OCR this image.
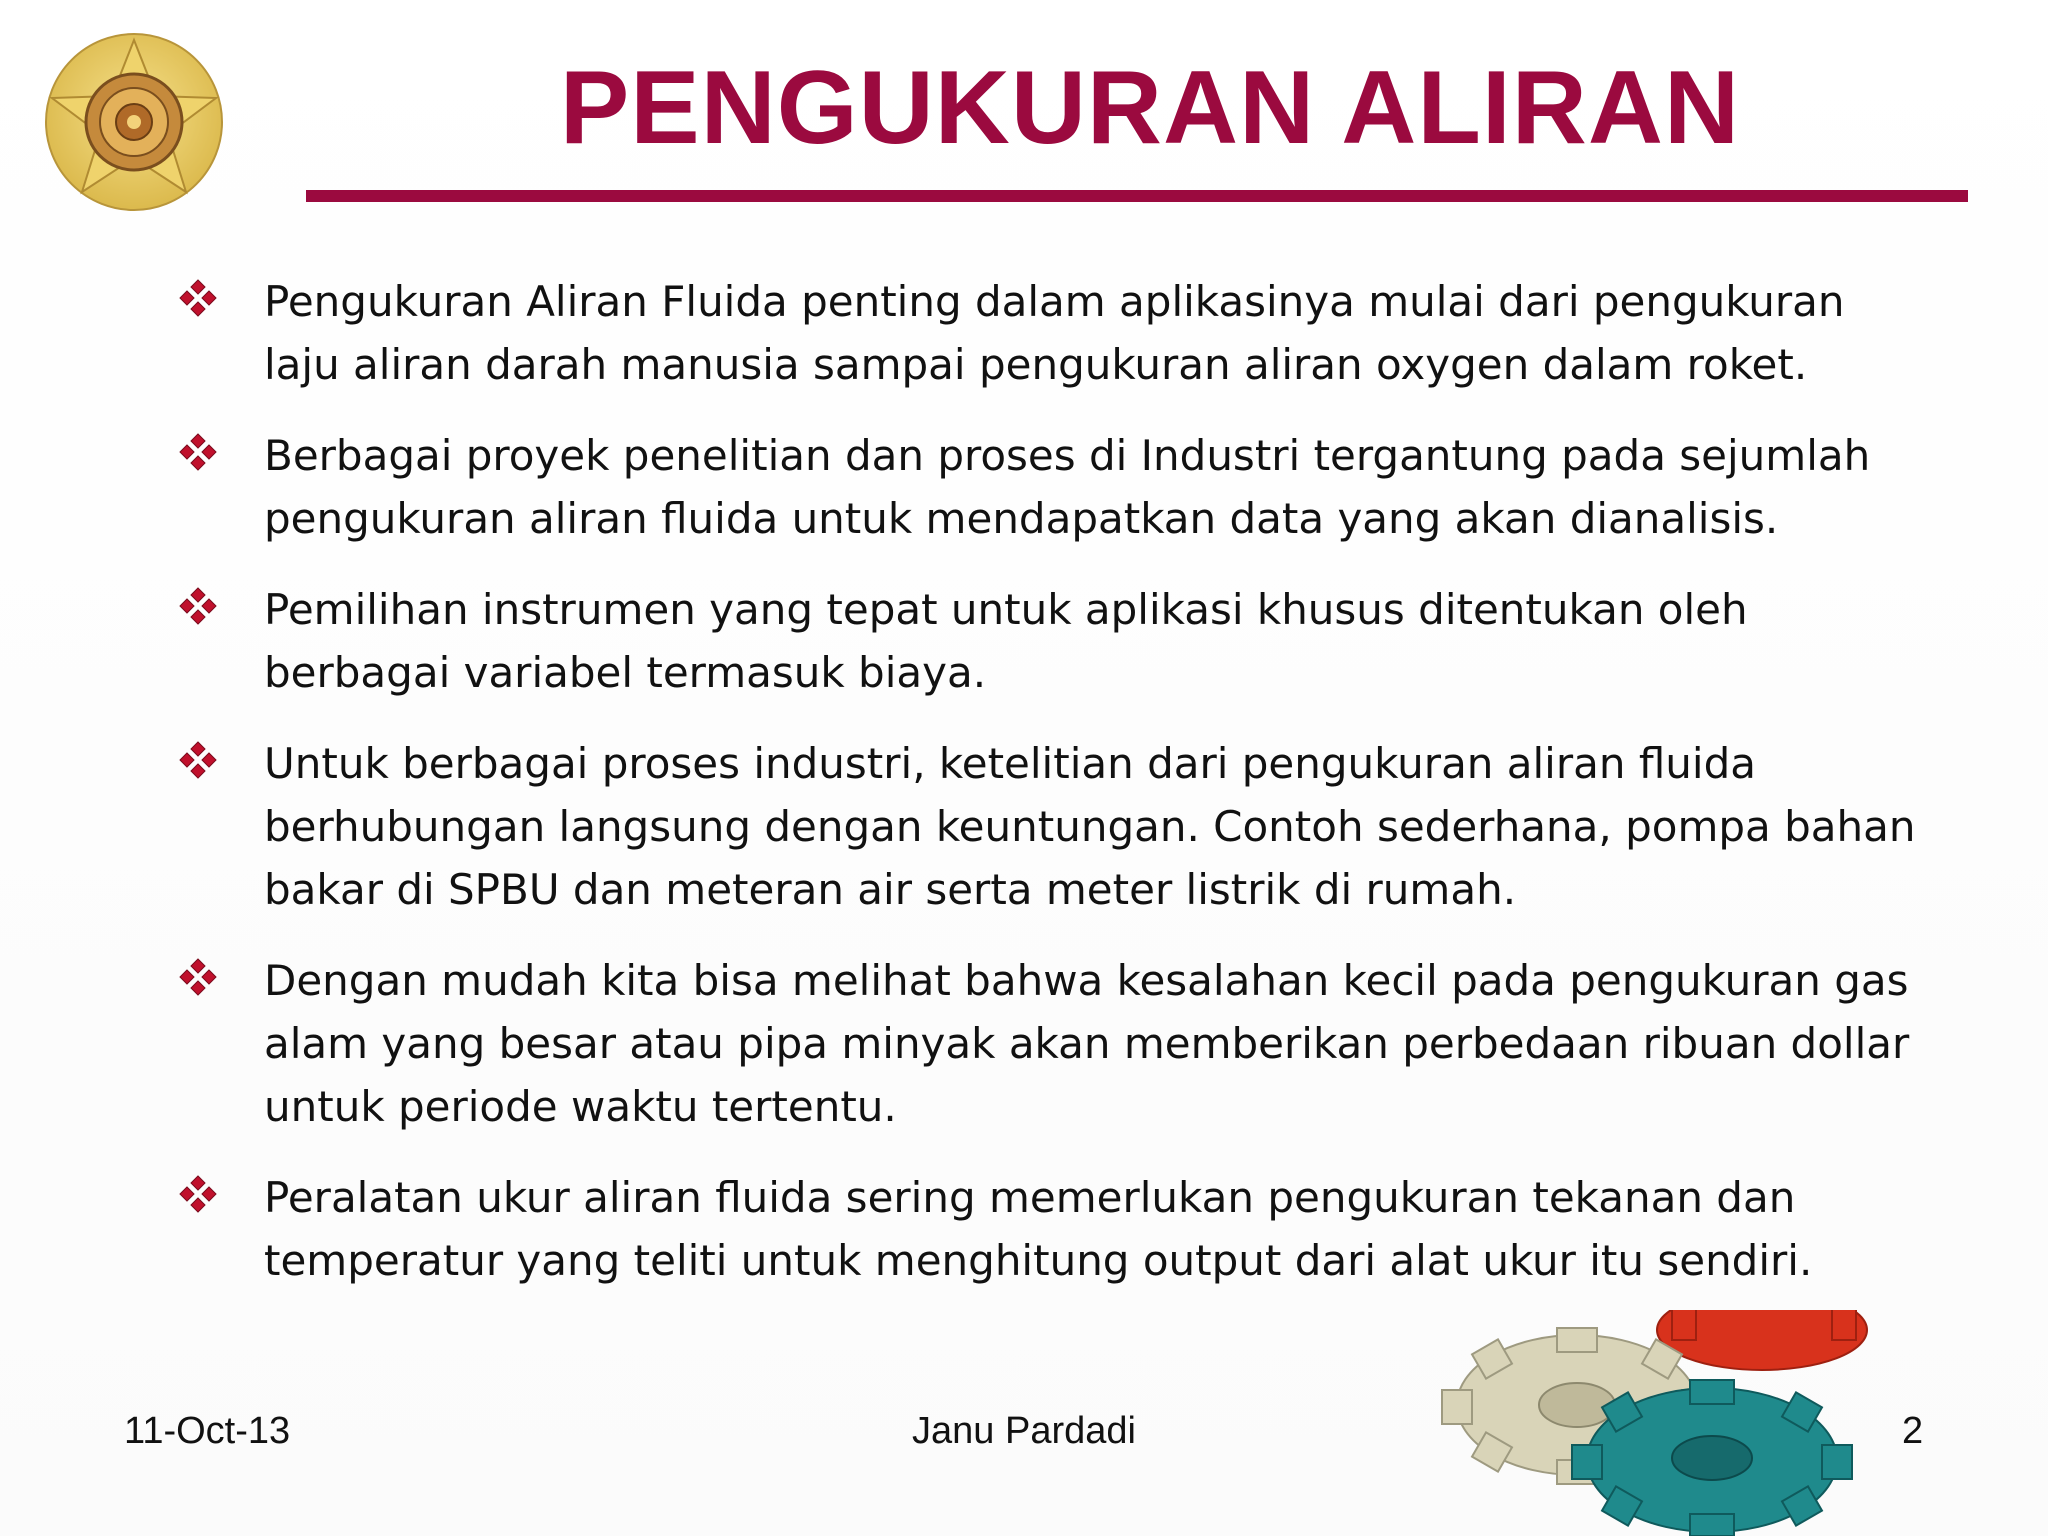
PENGUKURAN ALIRAN
Pengukuran Aliran Fluida penting dalam aplikasinya mulai dari pengukuran laju aliran darah manusia sampai pengukuran aliran oxygen dalam roket.
Berbagai proyek penelitian dan proses di Industri tergantung pada sejumlah pengukuran aliran fluida untuk mendapatkan data yang akan dianalisis.
Pemilihan instrumen yang tepat untuk aplikasi khusus ditentukan oleh berbagai variabel termasuk biaya.
Untuk berbagai proses industri, ketelitian dari pengukuran aliran fluida berhubungan langsung dengan keuntungan. Contoh sederhana, pompa bahan bakar di SPBU dan meteran air serta meter listrik di rumah.
Dengan mudah kita bisa melihat bahwa kesalahan kecil pada pengukuran gas alam yang besar atau pipa minyak akan memberikan perbedaan ribuan dollar untuk periode waktu tertentu.
Peralatan ukur aliran fluida sering memerlukan pengukuran tekanan dan temperatur yang teliti untuk menghitung output dari alat ukur itu sendiri.
11-Oct-13	Janu Pardadi	2
